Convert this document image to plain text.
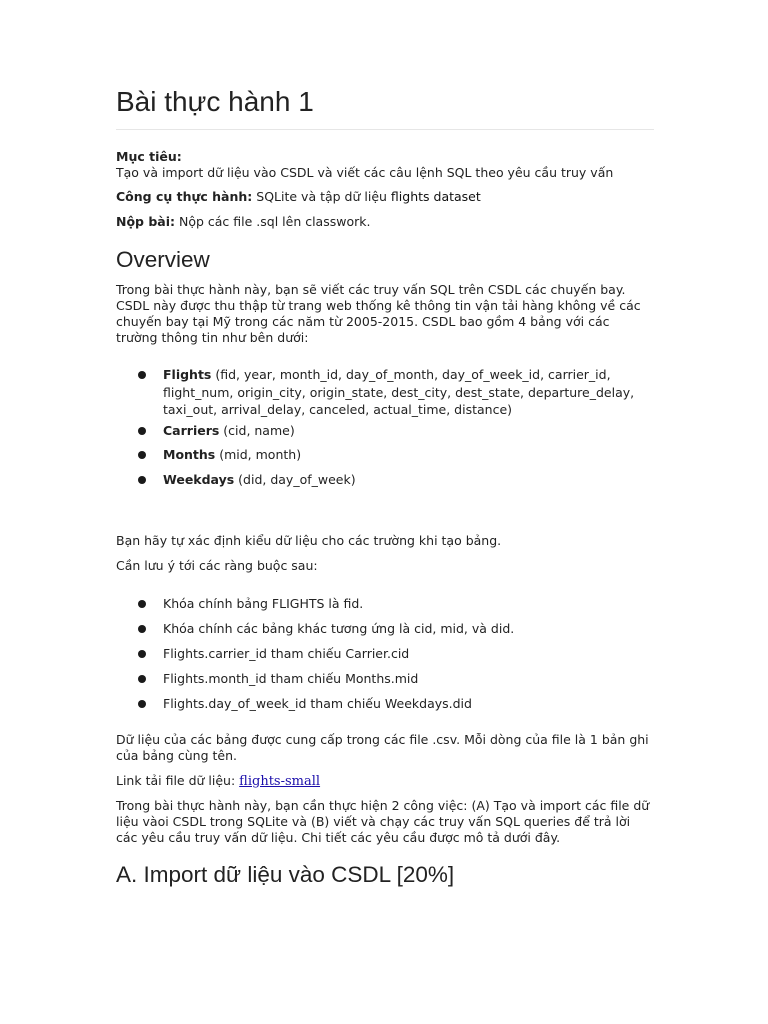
Bài thực hành 1
Mục tiêu:
Tạo và import dữ liệu vào CSDL và viết các câu lệnh SQL theo yêu cầu truy vấn
Công cụ thực hành: SQLite và tập dữ liệu flights dataset
Nộp bài: Nộp các file .sql lên classwork.
Overview

Trong bài thực hành này, bạn sẽ viết các truy vấn SQL trên CSDL các chuyến bay. CSDL này được thu thập từ trang web thống kê thông tin vận tải hàng không về các chuyến bay tại Mỹ trong các năm từ 2005-2015. CSDL bao gồm 4 bảng với các trường thông tin như bên dưới:

Flights (fid, year, month_id, day_of_month, day_of_week_id, carrier_id, flight_num, origin_city, origin_state, dest_city, dest_state, departure_delay, taxi_out, arrival_delay, canceled, actual_time, distance)
Carriers (cid, name)
Months (mid, month)
Weekdays (did, day_of_week)

Bạn hãy tự xác định kiểu dữ liệu cho các trường khi tạo bảng.

Cần lưu ý tới các ràng buộc sau:

Khóa chính bảng FLIGHTS là fid.
Khóa chính các bảng khác tương ứng là cid, mid, và did.
Flights.carrier_id tham chiếu Carrier.cid
Flights.month_id tham chiếu Months.mid
Flights.day_of_week_id tham chiếu Weekdays.did

Dữ liệu của các bảng được cung cấp trong các file .csv. Mỗi dòng của file là 1 bản ghi của bảng cùng tên.

Link tải file dữ liệu: flights-small

Trong bài thực hành này, bạn cần thực hiện 2 công việc: (A) Tạo và import các file dữ liệu vàoi CSDL trong SQLite và (B) viết và chạy các truy vấn SQL queries để trả lời các yêu cầu truy vấn dữ liệu. Chi tiết các yêu cầu được mô tả dưới đây.

A. Import dữ liệu vào CSDL [20%]
